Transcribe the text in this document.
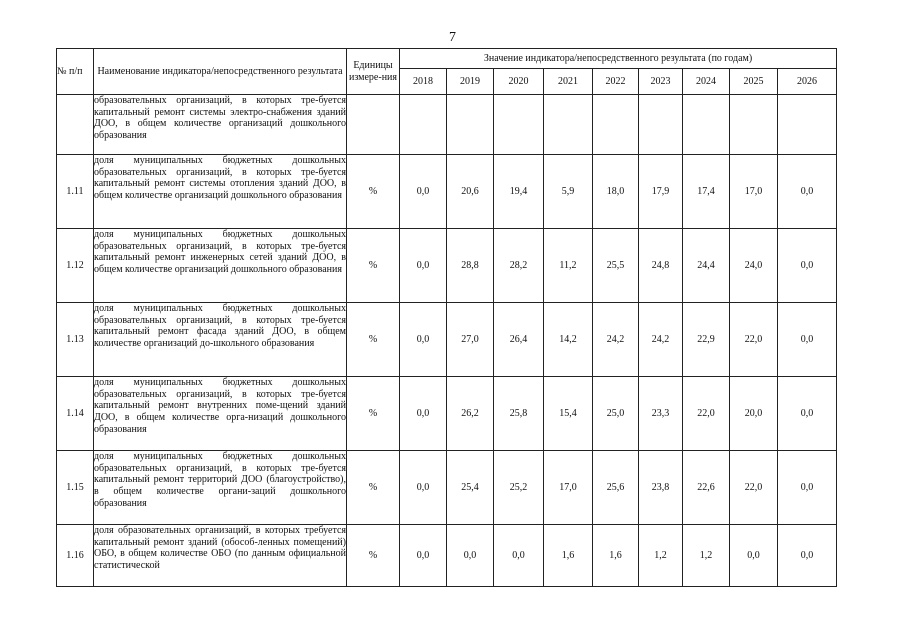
7
№ п/п	Наименование индикатора/непосредственного результата	Единицы измере-ния	Значение индикатора/непосредственного результата (по годам)								
			2018	2019	2020	2021	2022	2023	2024	2025	2026
	образовательных организаций, в которых тре-буется капитальный ремонт системы электро-снабжения зданий ДОО, в общем количестве организаций дошкольного образования										
1.11	доля муниципальных бюджетных дошкольных образовательных организаций, в которых тре-буется капитальный ремонт системы отопления зданий ДОО, в общем количестве организаций дошкольного образования	%	0,0	20,6	19,4	5,9	18,0	17,9	17,4	17,0	0,0
1.12	доля муниципальных бюджетных дошкольных образовательных организаций, в которых тре-буется капитальный ремонт инженерных сетей зданий ДОО, в общем количестве организаций дошкольного образования	%	0,0	28,8	28,2	11,2	25,5	24,8	24,4	24,0	0,0
1.13	доля муниципальных бюджетных дошкольных образовательных организаций, в которых тре-буется капитальный ремонт фасада зданий ДОО, в общем количестве организаций до-школьного образования	%	0,0	27,0	26,4	14,2	24,2	24,2	22,9	22,0	0,0
1.14	доля муниципальных бюджетных дошкольных образовательных организаций, в которых тре-буется капитальный ремонт внутренних поме-щений зданий ДОО, в общем количестве орга-низаций дошкольного образования	%	0,0	26,2	25,8	15,4	25,0	23,3	22,0	20,0	0,0
1.15	доля муниципальных бюджетных дошкольных образовательных организаций, в которых тре-буется капитальный ремонт территорий ДОО (благоустройство), в общем количестве органи-заций дошкольного образования	%	0,0	25,4	25,2	17,0	25,6	23,8	22,6	22,0	0,0
1.16	доля образовательных организаций, в которых требуется капитальный ремонт зданий (обособ-ленных помещений) ОБО, в общем количестве ОБО (по данным официальной статистической	%	0,0	0,0	0,0	1,6	1,6	1,2	1,2	0,0	0,0
